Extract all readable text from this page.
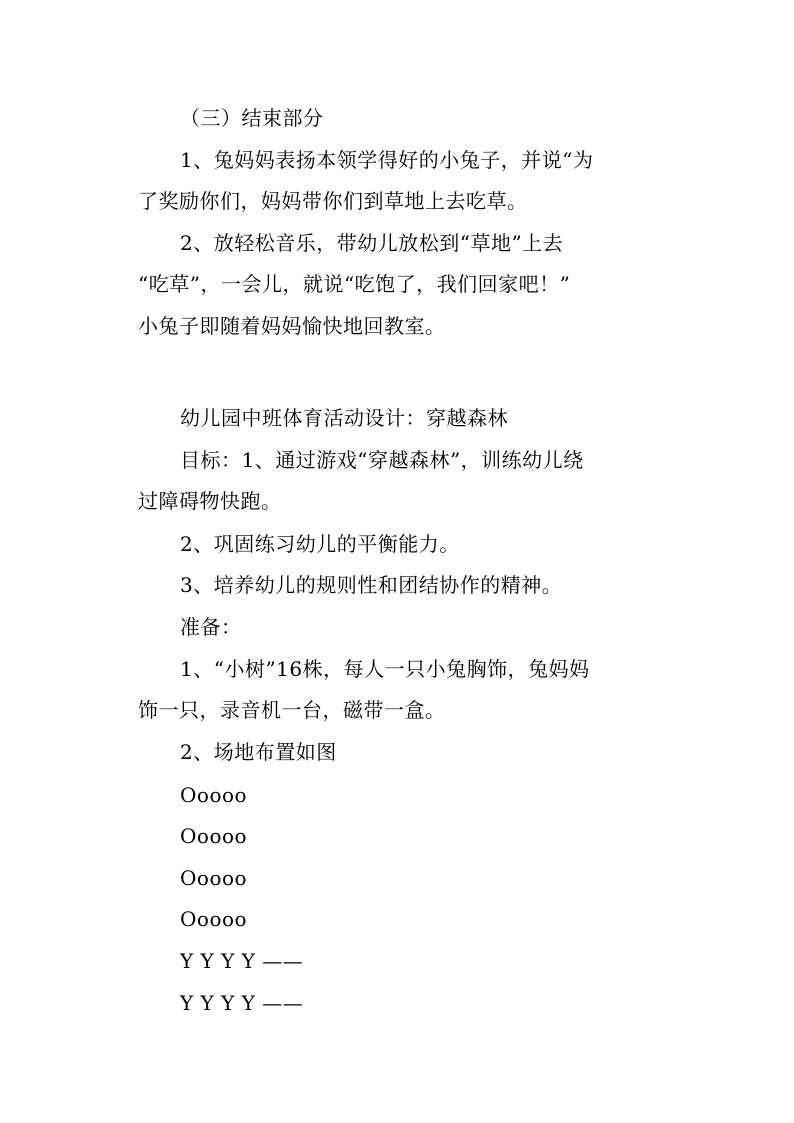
（三）结束部分
1、兔妈妈表扬本领学得好的小兔子，并说“为
了奖励你们，妈妈带你们到草地上去吃草。
2、放轻松音乐，带幼儿放松到“草地”上去
“吃草”，一会儿，就说“吃饱了，我们回家吧！”
小兔子即随着妈妈愉快地回教室。
幼儿园中班体育活动设计：穿越森林
目标：1、通过游戏“穿越森林”，训练幼儿绕
过障碍物快跑。
2、巩固练习幼儿的平衡能力。
3、培养幼儿的规则性和团结协作的精神。
准备：
1、“小树”16株，每人一只小兔胸饰，兔妈妈
饰一只，录音机一台，磁带一盒。
2、场地布置如图
Ooooo
Ooooo
Ooooo
Ooooo
Y Y Y Y ——
Y Y Y Y ——
